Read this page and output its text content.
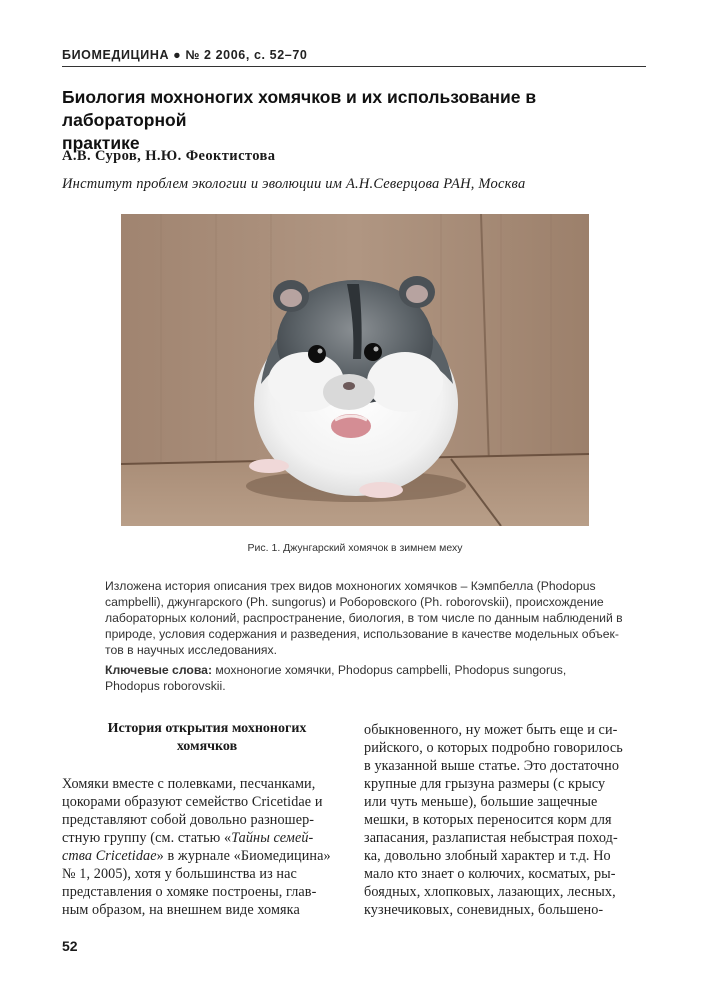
БИОМЕДИЦИНА ● № 2 2006, с. 52–70
Биология мохноногих хомячков и их использование в лабораторной
практике
А.В. Суров, Н.Ю. Феоктистова
Институт проблем экологии и эволюции им А.Н.Северцова РАН, Москва
Рис. 1. Джунгарский хомячок в зимнем меху
Изложена история описания трех видов мохноногих хомячков – Кэмпбелла (Phodopus
campbelli), джунгарского (Ph. sungorus) и Роборовского (Ph. roborovskii), происхождение
лабораторных колоний, распространение, биология, в том числе по данным наблюдений в
природе, условия содержания и разведения, использование в качестве модельных объек-
тов в научных исследованиях.
Ключевые слова: мохноногие хомячки, Phodopus campbelli, Phodopus sungorus,
Phodopus roborovskii.
История открытия мохноногих
хомячков
Хомяки вместе с полевками, песчанками,
цокорами образуют семейство Cricetidae и
представляют собой довольно разношер-
стную группу (см. статью «Тайны семей-
ства Cricetidae» в журнале «Биомедицина»
№ 1, 2005), хотя у большинства из нас
представления о хомяке построены, глав-
ным образом, на внешнем виде хомяка
обыкновенного, ну может быть еще и си-
рийского, о которых подробно говорилось
в указанной выше статье. Это достаточно
крупные для грызуна размеры (с крысу
или чуть меньше), большие защечные
мешки, в которых переносится корм для
запасания, разлапистая небыстрая поход-
ка, довольно злобный характер и т.д. Но
мало кто знает о колючих, косматых, ры-
боядных, хлопковых, лазающих, лесных,
кузнечиковых, соневидных, большено-
52
